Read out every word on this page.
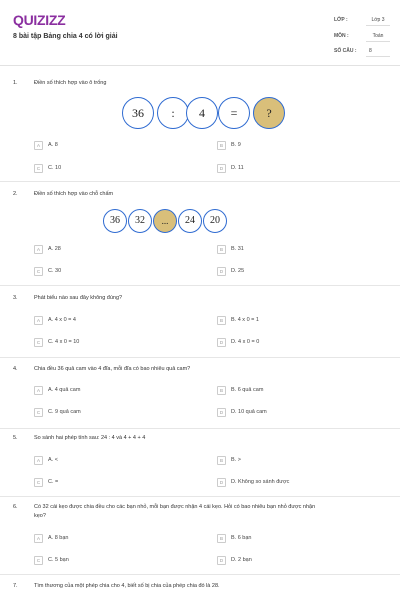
QUIZIZZ
8 bài tập Bảng chia 4 có lời giải
LỚP :	Lớp 3
MÔN :	Toán
SỐ CÂU :	8
1.	Điền số thích hợp vào ô trống
36	:	4	=	?
A	A. 8	B	B. 9
C	C. 10	D	D. 11
2.	Điền số thích hợp vào chỗ chấm
36	32	...	24	20
A	A. 28	B	B. 31
C	C. 30	D	D. 25
3.	Phát biểu nào sau đây không đúng?
A	A. 4 x 0 = 4	B	B. 4 x 0 = 1
C	C. 4 x 0 = 10	D	D. 4 x 0 = 0
4.	Chia đều 36 quả cam vào 4 đĩa, mỗi đĩa có bao nhiêu quả cam?
A	A. 4 quả cam	B	B. 6 quả cam
C	C. 9 quả cam	D	D. 10 quả cam
5.	So sánh hai phép tính sau: 24 : 4 và 4 + 4 + 4
A	A. <	B	B. >
C	C. =	D	D. Không so sánh được
6.	Có 32 cái kẹo được chia đều cho các bạn nhỏ, mỗi bạn được nhận 4 cái kẹo. Hỏi có bao nhiêu bạn nhỏ được nhận
kẹo?
A	A. 8 bạn	B	B. 6 bạn
C	C. 5 bạn	D	D. 2 bạn
7.	Tìm thương của một phép chia cho 4, biết số bị chia của phép chia đó là 28.
